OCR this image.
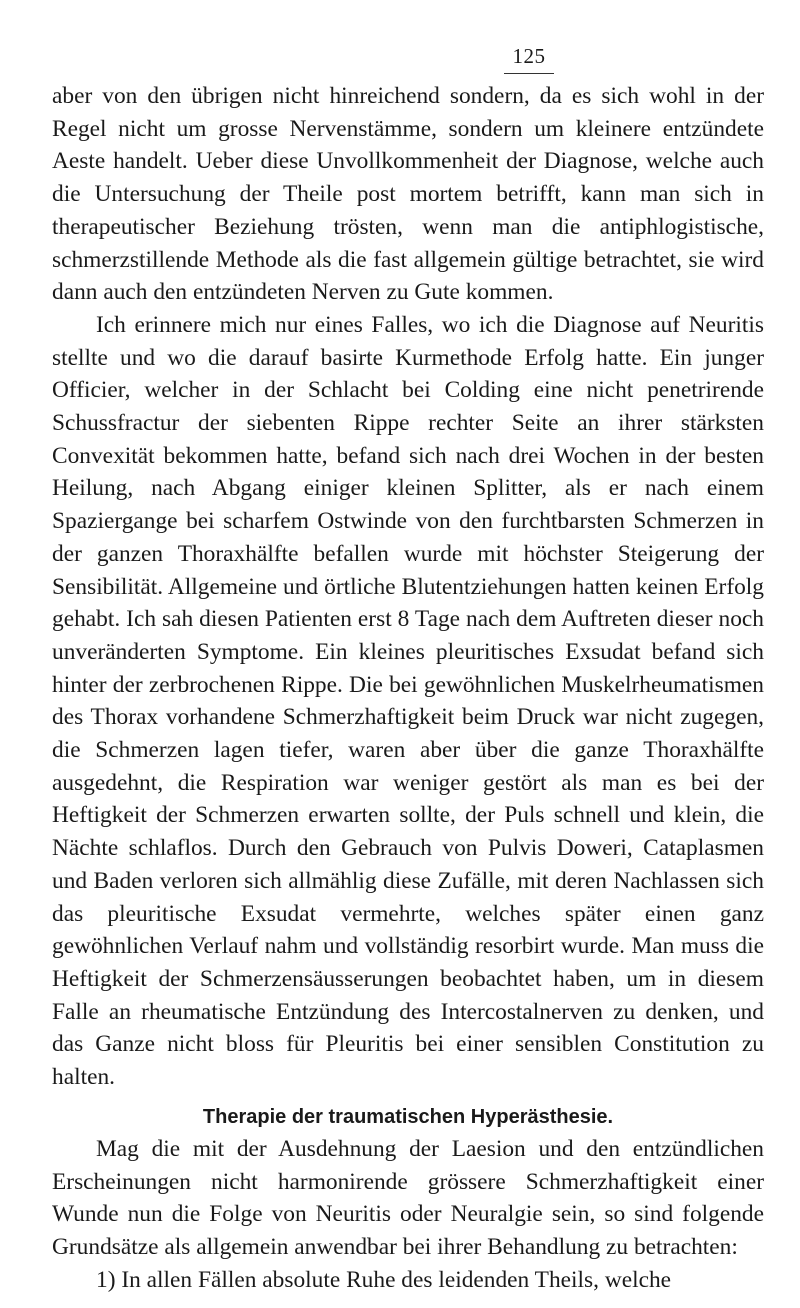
125

aber von den übrigen nicht hinreichend sondern, da es sich wohl in der Regel nicht um grosse Nervenstämme, sondern um kleinere entzündete Aeste handelt. Ueber diese Unvollkommenheit der Diagnose, welche auch die Untersuchung der Theile post mortem betrifft, kann man sich in therapeutischer Beziehung trösten, wenn man die antiphlogistische, schmerzstillende Methode als die fast allgemein gültige betrachtet, sie wird dann auch den entzündeten Nerven zu Gute kommen.

Ich erinnere mich nur eines Falles, wo ich die Diagnose auf Neuritis stellte und wo die darauf basirte Kurmethode Erfolg hatte. Ein junger Officier, welcher in der Schlacht bei Colding eine nicht penetrirende Schussfractur der siebenten Rippe rechter Seite an ihrer stärksten Convexität bekommen hatte, befand sich nach drei Wochen in der besten Heilung, nach Abgang einiger kleinen Splitter, als er nach einem Spaziergange bei scharfem Ostwinde von den furchtbarsten Schmerzen in der ganzen Thoraxhälfte befallen wurde mit höchster Steigerung der Sensibilität. Allgemeine und örtliche Blutentziehungen hatten keinen Erfolg gehabt. Ich sah diesen Patienten erst 8 Tage nach dem Auftreten dieser noch unveränderten Symptome. Ein kleines pleuritisches Exsudat befand sich hinter der zerbrochenen Rippe. Die bei gewöhnlichen Muskelrheumatismen des Thorax vorhandene Schmerzhaftigkeit beim Druck war nicht zugegen, die Schmerzen lagen tiefer, waren aber über die ganze Thoraxhälfte ausgedehnt, die Respiration war weniger gestört als man es bei der Heftigkeit der Schmerzen erwarten sollte, der Puls schnell und klein, die Nächte schlaflos. Durch den Gebrauch von Pulvis Doweri, Cataplasmen und Baden verloren sich allmählig diese Zufälle, mit deren Nachlassen sich das pleuritische Exsudat vermehrte, welches später einen ganz gewöhnlichen Verlauf nahm und vollständig resorbirt wurde. Man muss die Heftigkeit der Schmerzensäusserungen beobachtet haben, um in diesem Falle an rheumatische Entzündung des Intercostalnerven zu denken, und das Ganze nicht bloss für Pleuritis bei einer sensiblen Constitution zu halten.

Therapie der traumatischen Hyperästhesie.

Mag die mit der Ausdehnung der Laesion und den entzündlichen Erscheinungen nicht harmonirende grössere Schmerzhaftigkeit einer Wunde nun die Folge von Neuritis oder Neuralgie sein, so sind folgende Grundsätze als allgemein anwendbar bei ihrer Behandlung zu betrachten:

1) In allen Fällen absolute Ruhe des leidenden Theils, welche
